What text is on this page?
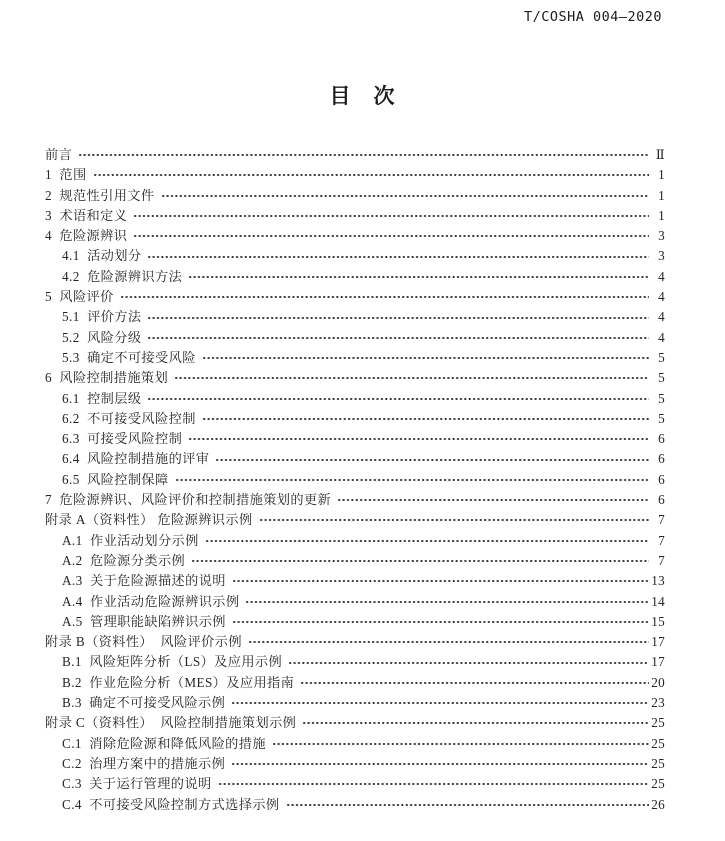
T/COSHA 004—2020
目　次
前言	Ⅱ
1  范围	1
2  规范性引用文件	1
3  术语和定义	1
4  危险源辨识	3
4.1  活动划分	3
4.2  危险源辨识方法	4
5  风险评价	4
5.1  评价方法	4
5.2  风险分级	4
5.3  确定不可接受风险	5
6  风险控制措施策划	5
6.1  控制层级	5
6.2  不可接受风险控制	5
6.3  可接受风险控制	6
6.4  风险控制措施的评审	6
6.5  风险控制保障	6
7  危险源辨识、风险评价和控制措施策划的更新	6
附录 A（资料性） 危险源辨识示例	7
A.1  作业活动划分示例	7
A.2  危险源分类示例	7
A.3  关于危险源描述的说明	13
A.4  作业活动危险源辨识示例	14
A.5  管理职能缺陷辨识示例	15
附录 B（资料性）  风险评价示例	17
B.1  风险矩阵分析（LS）及应用示例	17
B.2  作业危险分析（MES）及应用指南	20
B.3  确定不可接受风险示例	23
附录 C（资料性）  风险控制措施策划示例	25
C.1  消除危险源和降低风险的措施	25
C.2  治理方案中的措施示例	25
C.3  关于运行管理的说明	25
C.4  不可接受风险控制方式选择示例	26
